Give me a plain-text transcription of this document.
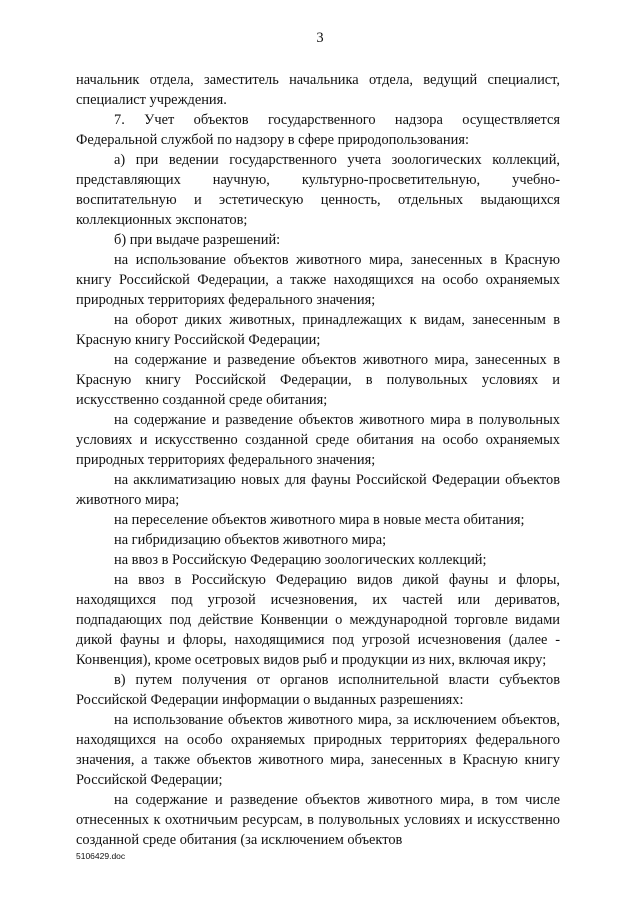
3

начальник отдела, заместитель начальника отдела, ведущий специалист, специалист учреждения.

7. Учет объектов государственного надзора осуществляется Федеральной службой по надзору в сфере природопользования:

а) при ведении государственного учета зоологических коллекций, представляющих научную, культурно-просветительную, учебно-воспитательную и эстетическую ценность, отдельных выдающихся коллекционных экспонатов;

б) при выдаче разрешений:

на использование объектов животного мира, занесенных в Красную книгу Российской Федерации, а также находящихся на особо охраняемых природных территориях федерального значения;

на оборот диких животных, принадлежащих к видам, занесенным в Красную книгу Российской Федерации;

на содержание и разведение объектов животного мира, занесенных в Красную книгу Российской Федерации, в полувольных условиях и искусственно созданной среде обитания;

на содержание и разведение объектов животного мира в полувольных условиях и искусственно созданной среде обитания на особо охраняемых природных территориях федерального значения;

на акклиматизацию новых для фауны Российской Федерации объектов животного мира;

на переселение объектов животного мира в новые места обитания;

на гибридизацию объектов животного мира;

на ввоз в Российскую Федерацию зоологических коллекций;

на ввоз в Российскую Федерацию видов дикой фауны и флоры, находящихся под угрозой исчезновения, их частей или дериватов, подпадающих под действие Конвенции о международной торговле видами дикой фауны и флоры, находящимися под угрозой исчезновения (далее - Конвенция), кроме осетровых видов рыб и продукции из них, включая икру;

в) путем получения от органов исполнительной власти субъектов Российской Федерации информации о выданных разрешениях:

на использование объектов животного мира, за исключением объектов, находящихся на особо охраняемых природных территориях федерального значения, а также объектов животного мира, занесенных в Красную книгу Российской Федерации;

на содержание и разведение объектов животного мира, в том числе отнесенных к охотничьим ресурсам, в полувольных условиях и искусственно созданной среде обитания (за исключением объектов

5106429.doc
